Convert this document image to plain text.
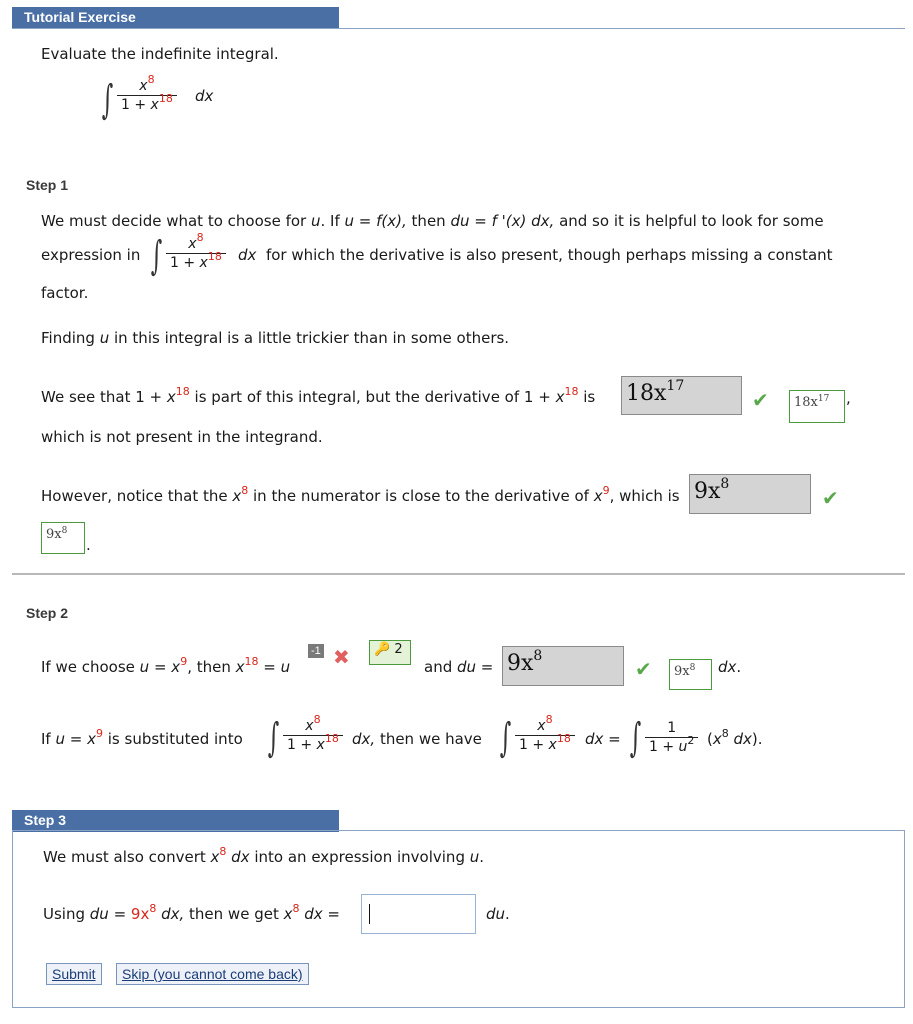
Tutorial Exercise
Evaluate the indefinite integral.
∫	$x^8$
$1 + x^{18}$ dx
Step 1
We must decide what to choose for u. If u = f(x), then du = f '(x) dx, and so it is helpful to look for some
expression in ∫	$x^8$
$1 + x^{18}$ dx for which the derivative is also present, though perhaps missing a constant
factor.
Finding u in this integral is a little trickier than in some others.
We see that $1 + x^{18}$ is part of this integral, but the derivative of $1 + x^{18}$ is $18x^{17}$
✔	$18x^{17}$	,
which is not present in the integrand.
However, notice that the $x^8$ in the numerator is close to the derivative of $x^9$, which is $9x^8$
✔
$9x^8$
.
Step 2
If we choose $u = x^9$, then $x^{18} = u$
-1 ✖	🔑 2
and du = $9x^8$
✔	$9x^8$	dx.
If $u = x^9$ is substituted into ∫	$x^8$
$1 + x^{18}$ dx, then we have ∫	$x^8$
$1 + x^{18}$ dx = ∫	1
$1 + u^2$ ($x^8$ dx).
Step 3
We must also convert $x^8$ dx into an expression involving u.
Using du = $9x^8$ dx, then we get $x^8$ dx =	du.
Submit	Skip (you cannot come back)
